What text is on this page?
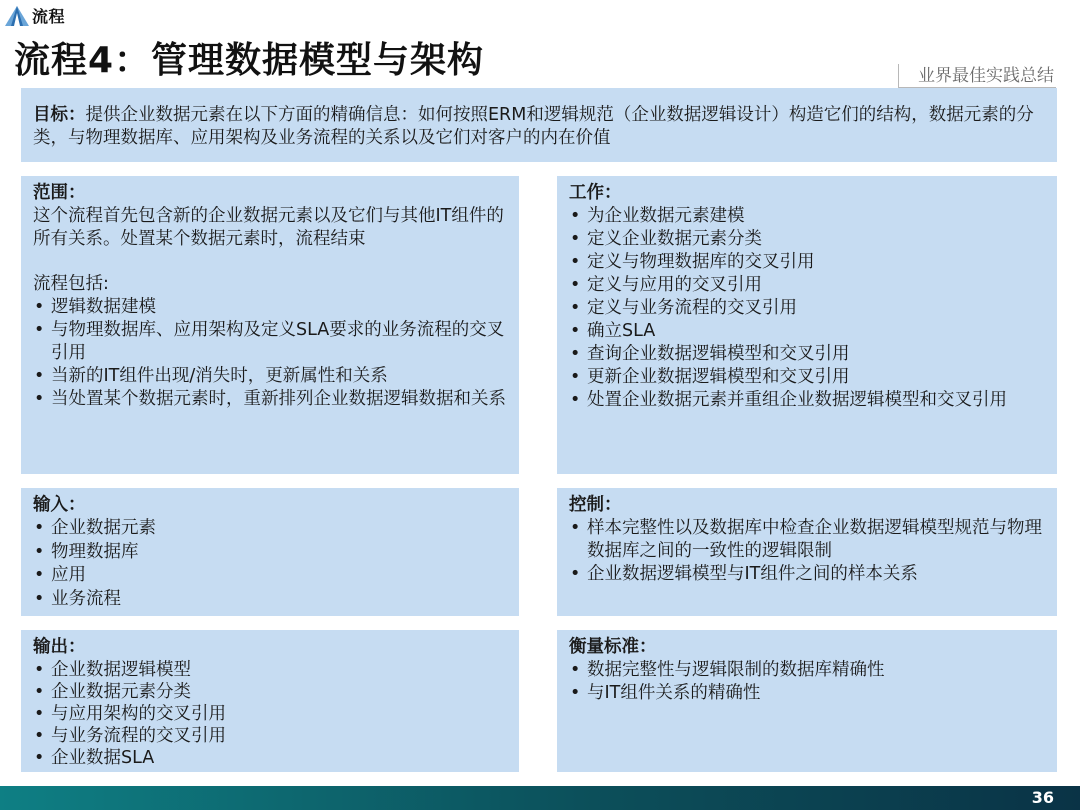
流程
流程4：管理数据模型与架构	业界最佳实践总结

目标：提供企业数据元素在以下方面的精确信息：如何按照ERM和逻辑规范（企业数据逻辑设计）构造它们的结构，数据元素的分类，与物理数据库、应用架构及业务流程的关系以及它们对客户的内在价值

范围：

这个流程首先包含新的企业数据元素以及它们与其他IT组件的所有关系。处置某个数据元素时，流程结束

流程包括:

• 逻辑数据建模
• 与物理数据库、应用架构及定义SLA要求的业务流程的交叉引用
• 当新的IT组件出现/消失时，更新属性和关系
• 当处置某个数据元素时，重新排列企业数据逻辑数据和关系
工作：
• 为企业数据元素建模
• 定义企业数据元素分类
• 定义与物理数据库的交叉引用
• 定义与应用的交叉引用
• 定义与业务流程的交叉引用
• 确立SLA
• 查询企业数据逻辑模型和交叉引用
• 更新企业数据逻辑模型和交叉引用
• 处置企业数据元素并重组企业数据逻辑模型和交叉引用
输入：
• 企业数据元素
• 物理数据库
• 应用
• 业务流程
控制：
• 样本完整性以及数据库中检查企业数据逻辑模型规范与物理数据库之间的一致性的逻辑限制
• 企业数据逻辑模型与IT组件之间的样本关系
输出：
• 企业数据逻辑模型
• 企业数据元素分类
• 与应用架构的交叉引用
• 与业务流程的交叉引用
• 企业数据SLA
衡量标准：
• 数据完整性与逻辑限制的数据库精确性
• 与IT组件关系的精确性
36
